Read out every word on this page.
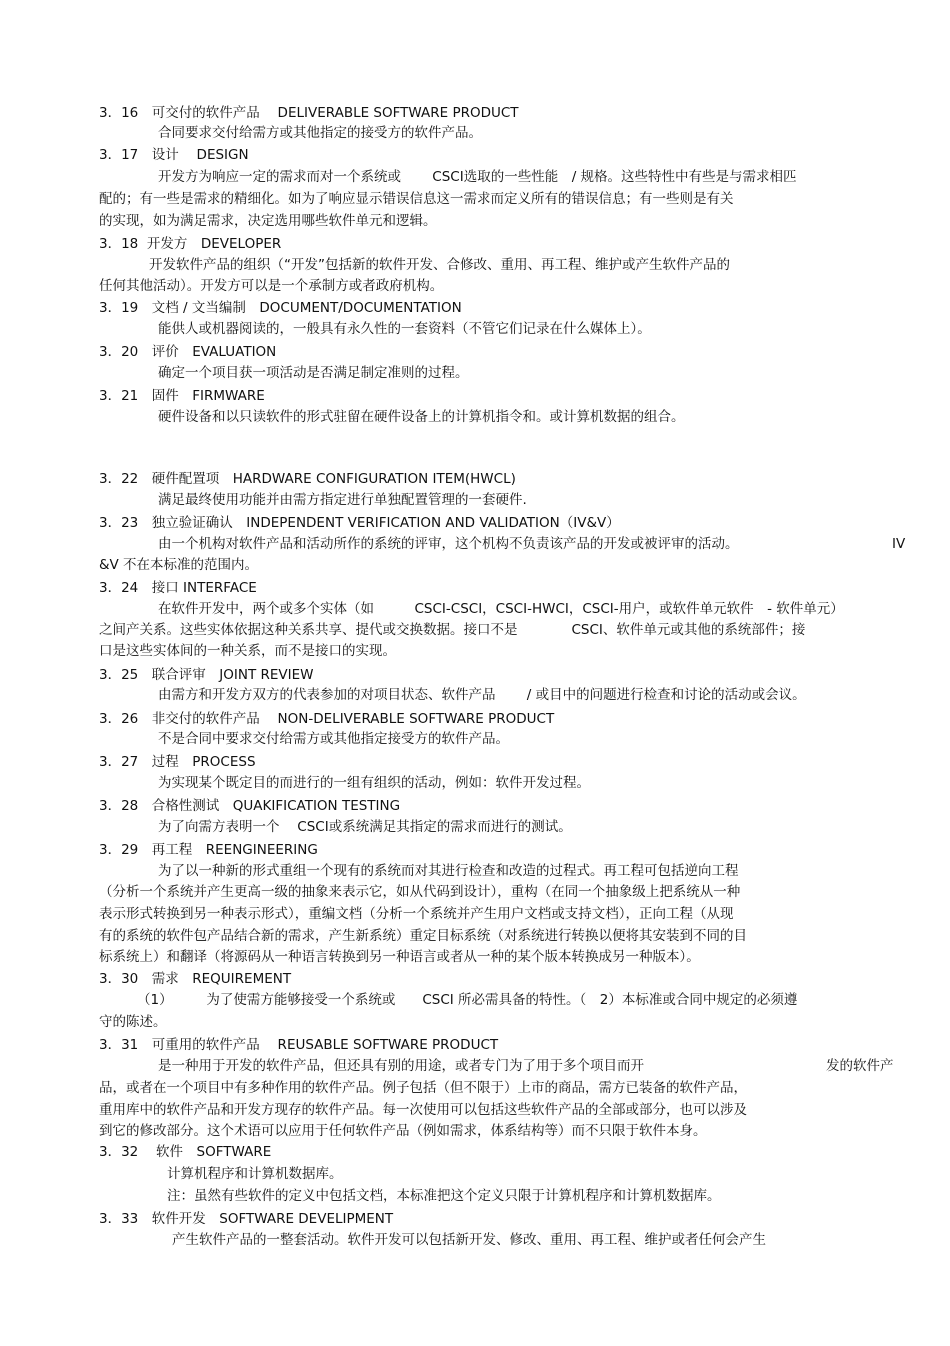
3．16　可交付的软件产品　 DELIVERABLE SOFTWARE PRODUCT
合同要求交付给需方或其他指定的接受方的软件产品。
3．17　设计　 DESIGN
开发方为响应一定的需求而对一个系统或　　 CSCI选取的一些性能　/ 规格。这些特性中有些是与需求相匹
配的；有一些是需求的精细化。如为了响应显示错误信息这一需求而定义所有的错误信息；有一些则是有关
的实现，如为满足需求，决定选用哪些软件单元和逻辑。
3．18  开发方　DEVELOPER
开发软件产品的组织（“开发”包括新的软件开发、合修改、重用、再工程、维护或产生软件产品的
任何其他活动）。开发方可以是一个承制方或者政府机构。
3．19　文档 / 文当编制　DOCUMENT/DOCUMENTATION
能供人或机器阅读的，一般具有永久性的一套资料（不管它们记录在什么媒体上）。
3．20　评价　EVALUATION
确定一个项目获一项活动是否满足制定准则的过程。
3．21　固件　FIRMWARE
硬件设备和以只读软件的形式驻留在硬件设备上的计算机指令和。或计算机数据的组合。
3．22　硬件配置项　HARDWARE CONFIGURATION ITEM(HWCL)
满足最终使用功能并由需方指定进行单独配置管理的一套硬件.
3．23　独立验证确认　INDEPENDENT VERIFICATION AND VALIDATION（IV&V）
由一个机构对软件产品和活动所作的系统的评审，这个机构不负责该产品的开发或被评审的活动。	IV
&V 不在本标准的范围内。
3．24　接口 INTERFACE
在软件开发中，两个或多个实体（如　　　CSCI-CSCI，CSCI-HWCI，CSCI-用户，或软件单元软件　- 软件单元）
之间产关系。这些实体依据这种关系共享、提代或交换数据。接口不是　　　　CSCI、软件单元或其他的系统部件；接
口是这些实体间的一种关系，而不是接口的实现。
3．25　联合评审　JOINT REVIEW
由需方和开发方双方的代表参加的对项目状态、软件产品　　 / 或目中的问题进行检查和讨论的活动或会议。
3．26　非交付的软件产品　 NON-DELIVERABLE SOFTWARE PRODUCT
不是合同中要求交付给需方或其他指定接受方的软件产品。
3．27　过程　PROCESS
为实现某个既定目的而进行的一组有组织的活动，例如：软件开发过程。
3．28　合格性测试　QUAKIFICATION TESTING
为了向需方表明一个　 CSCI或系统满足其指定的需求而进行的测试。
3．29　再工程　REENGINEERING
为了以一种新的形式重组一个现有的系统而对其进行检查和改造的过程式。再工程可包括逆向工程
（分析一个系统并产生更高一级的抽象来表示它，如从代码到设计），重构（在同一个抽象级上把系统从一种
表示形式转换到另一种表示形式），重编文档（分析一个系统并产生用户文档或支持文档），正向工程（从现
有的系统的软件包产品结合新的需求，产生新系统）重定目标系统（对系统进行转换以便将其安装到不同的目
标系统上）和翻译（将源码从一种语言转换到另一种语言或者从一种的某个版本转换成另一种版本）。
3．30　需求　REQUIREMENT
（1）　　　为了使需方能够接受一个系统或　　CSCI 所必需具备的特性。（　2）本标准或合同中规定的必须遵
守的陈述。
3．31　可重用的软件产品　 REUSABLE SOFTWARE PRODUCT
是一种用于开发的软件产品，但还具有别的用途，或者专门为了用于多个项目而开	发的软件产
品，或者在一个项目中有多种作用的软件产品。例子包括（但不限于）上市的商品，需方已装备的软件产品，
重用库中的软件产品和开发方现存的软件产品。每一次使用可以包括这些软件产品的全部或部分，也可以涉及
到它的修改部分。这个术语可以应用于任何软件产品（例如需求，体系结构等）而不只限于软件本身。
3．32　 软件　SOFTWARE
计算机程序和计算机数据库。
注：虽然有些软件的定义中包括文档，本标准把这个定义只限于计算机程序和计算机数据库。
3．33　软件开发　SOFTWARE DEVELIPMENT
产生软件产品的一整套活动。软件开发可以包括新开发、修改、重用、再工程、维护或者任何会产生
